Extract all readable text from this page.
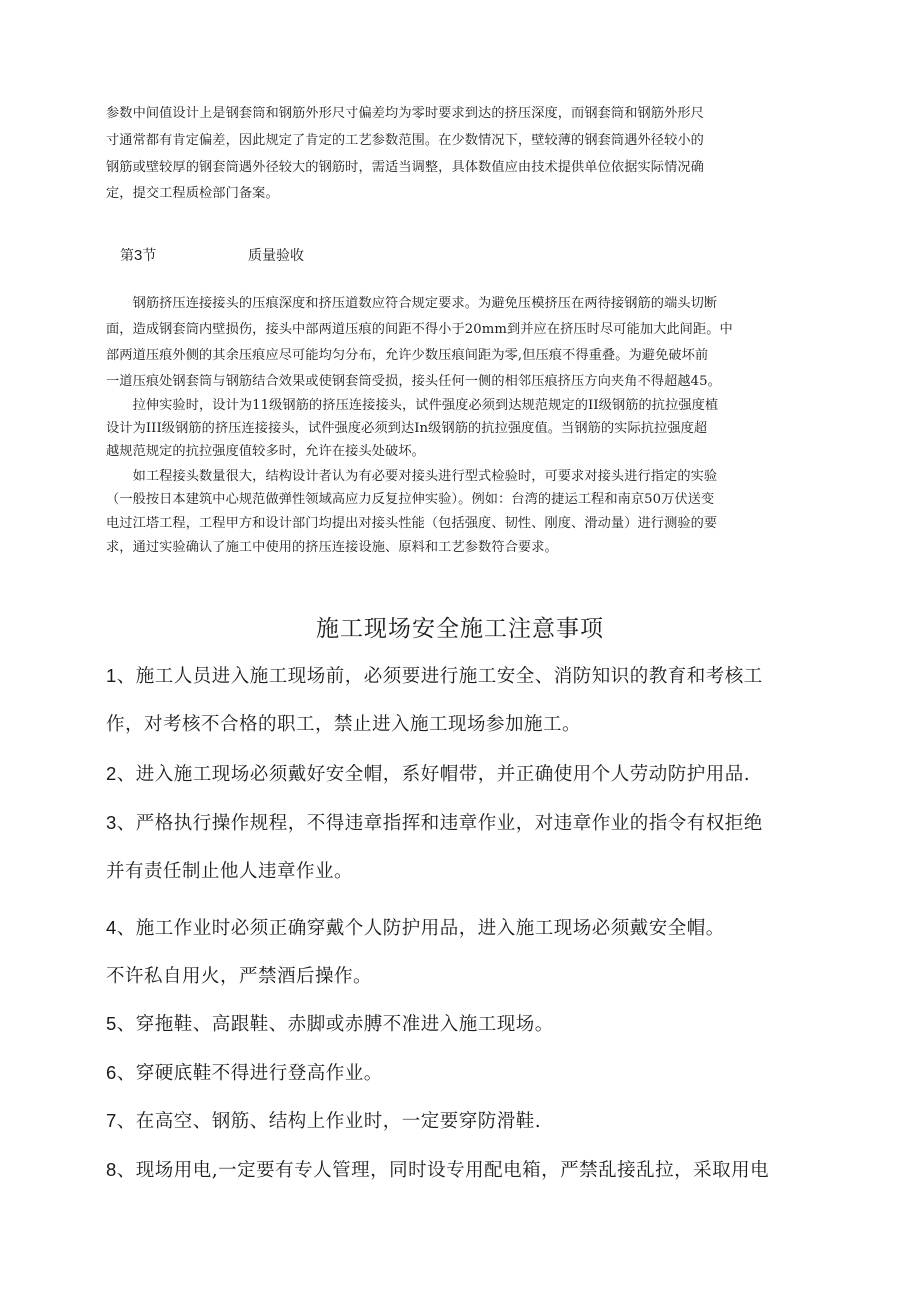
参数中间值设计上是钢套筒和钢筋外形尺寸偏差均为零时要求到达的挤压深度，而钢套筒和钢筋外形尺
寸通常都有肯定偏差，因此规定了肯定的工艺参数范围。在少数情况下，壁较薄的钢套筒遇外径较小的
钢筋或壁较厚的钢套筒遇外径较大的钢筋时，需适当调整，具体数值应由技术提供单位依据实际情况确
定，提交工程质检部门备案。
第3节	质量验收
　　钢筋挤压连接接头的压痕深度和挤压道数应符合规定要求。为避免压模挤压在两待接钢筋的端头切断
面，造成钢套筒内壁损伤，接头中部两道压痕的间距不得小于20mm到并应在挤压时尽可能加大此间距。中
部两道压痕外侧的其余压痕应尽可能均匀分布，允许少数压痕间距为零,但压痕不得重叠。为避免破坏前
一道压痕处钢套筒与钢筋结合效果或使钢套筒受损，接头任何一侧的相邻压痕挤压方向夹角不得超越45。
　　拉伸实验时，设计为11级钢筋的挤压连接接头，试件强度必须到达规范规定的II级钢筋的抗拉强度植
设计为III级钢筋的挤压连接接头，试件强度必须到达In级钢筋的抗拉强度值。当钢筋的实际抗拉强度超
越规范规定的抗拉强度值较多时，允许在接头处破坏。
　　如工程接头数量很大，结构设计者认为有必要对接头进行型式检验时，可要求对接头进行指定的实验
（一般按日本建筑中心规范做弹性领域高应力反复拉伸实验）。例如：台湾的捷运工程和南京50万伏送变
电过江塔工程，工程甲方和设计部门均提出对接头性能（包括强度、韧性、刚度、滑动量）进行测验的要
求，通过实验确认了施工中使用的挤压连接设施、原料和工艺参数符合要求。
施工现场安全施工注意事项
1、施工人员进入施工现场前，必须要进行施工安全、消防知识的教育和考核工
作，对考核不合格的职工，禁止进入施工现场参加施工。
2、进入施工现场必须戴好安全帽，系好帽带，并正确使用个人劳动防护用品.
3、严格执行操作规程，不得违章指挥和违章作业，对违章作业的指令有权拒绝
并有责任制止他人违章作业。
4、施工作业时必须正确穿戴个人防护用品，进入施工现场必须戴安全帽。
不许私自用火，严禁酒后操作。
5、穿拖鞋、高跟鞋、赤脚或赤膊不准进入施工现场。
6、穿硬底鞋不得进行登高作业。
7、在高空、钢筋、结构上作业时，一定要穿防滑鞋.
8、现场用电,一定要有专人管理，同时设专用配电箱，严禁乱接乱拉，采取用电
